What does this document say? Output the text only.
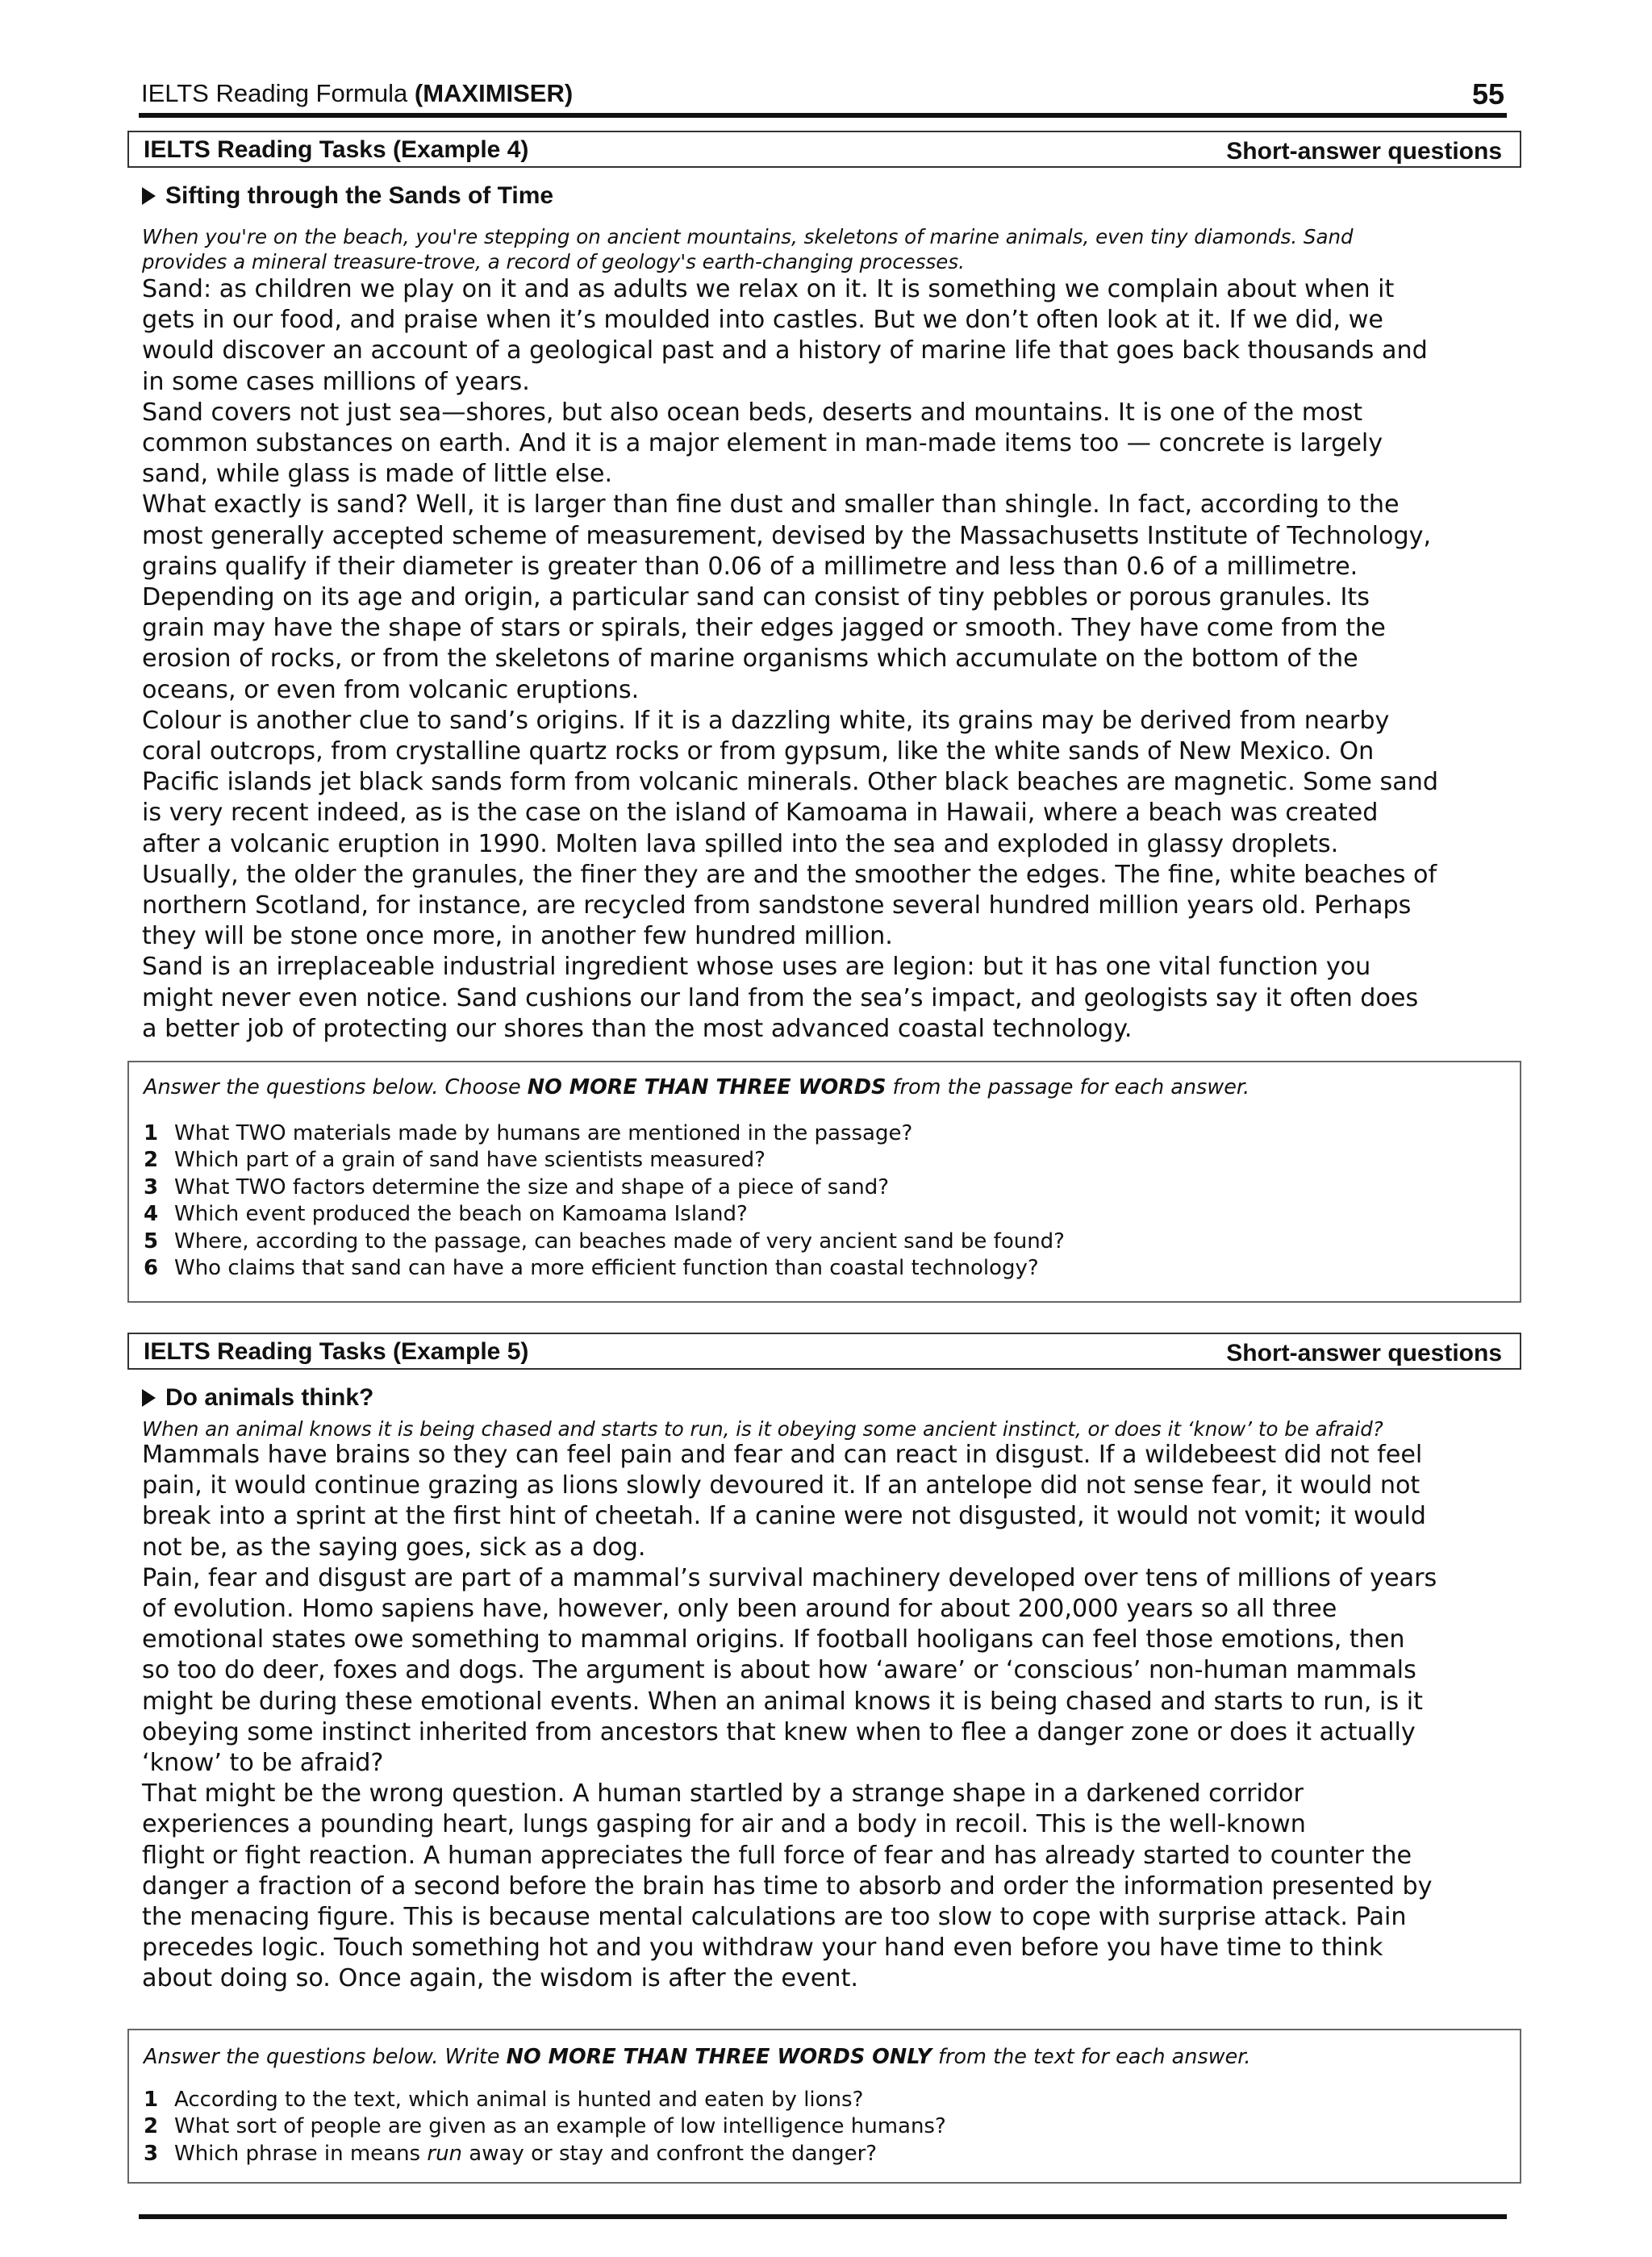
IELTS Reading Formula (MAXIMISER)	55
IELTS Reading Tasks (Example 4)	Short-answer questions
Sifting through the Sands of Time
When you're on the beach, you're stepping on ancient mountains, skeletons of marine animals, even tiny diamonds. Sand
provides a mineral treasure-trove, a record of geology's earth-changing processes.

Sand: as children we play on it and as adults we relax on it. It is something we complain about when it
gets in our food, and praise when it’s moulded into castles. But we don’t often look at it. If we did, we
would discover an account of a geological past and a history of marine life that goes back thousands and
in some cases millions of years.

Sand covers not just sea—shores, but also ocean beds, deserts and mountains. It is one of the most
common substances on earth. And it is a major element in man-made items too — concrete is largely
sand, while glass is made of little else.

What exactly is sand? Well, it is larger than fine dust and smaller than shingle. In fact, according to the
most generally accepted scheme of measurement, devised by the Massachusetts Institute of Technology,
grains qualify if their diameter is greater than 0.06 of a millimetre and less than 0.6 of a millimetre.
Depending on its age and origin, a particular sand can consist of tiny pebbles or porous granules. Its
grain may have the shape of stars or spirals, their edges jagged or smooth. They have come from the
erosion of rocks, or from the skeletons of marine organisms which accumulate on the bottom of the
oceans, or even from volcanic eruptions.

Colour is another clue to sand’s origins. If it is a dazzling white, its grains may be derived from nearby
coral outcrops, from crystalline quartz rocks or from gypsum, like the white sands of New Mexico. On
Pacific islands jet black sands form from volcanic minerals. Other black beaches are magnetic. Some sand
is very recent indeed, as is the case on the island of Kamoama in Hawaii, where a beach was created
after a volcanic eruption in 1990. Molten lava spilled into the sea and exploded in glassy droplets.
Usually, the older the granules, the finer they are and the smoother the edges. The fine, white beaches of
northern Scotland, for instance, are recycled from sandstone several hundred million years old. Perhaps
they will be stone once more, in another few hundred million.

Sand is an irreplaceable industrial ingredient whose uses are legion: but it has one vital function you
might never even notice. Sand cushions our land from the sea’s impact, and geologists say it often does
a better job of protecting our shores than the most advanced coastal technology.

Answer the questions below. Choose NO MORE THAN THREE WORDS from the passage for each answer.
1 What TWO materials made by humans are mentioned in the passage?
2 Which part of a grain of sand have scientists measured?
3 What TWO factors determine the size and shape of a piece of sand?
4 Which event produced the beach on Kamoama Island?
5 Where, according to the passage, can beaches made of very ancient sand be found?
6 Who claims that sand can have a more efficient function than coastal technology?
IELTS Reading Tasks (Example 5)	Short-answer questions
Do animals think?
When an animal knows it is being chased and starts to run, is it obeying some ancient instinct, or does it ‘know’ to be afraid?

Mammals have brains so they can feel pain and fear and can react in disgust. If a wildebeest did not feel
pain, it would continue grazing as lions slowly devoured it. If an antelope did not sense fear, it would not
break into a sprint at the first hint of cheetah. If a canine were not disgusted, it would not vomit; it would
not be, as the saying goes, sick as a dog.

Pain, fear and disgust are part of a mammal’s survival machinery developed over tens of millions of years
of evolution. Homo sapiens have, however, only been around for about 200,000 years so all three
emotional states owe something to mammal origins. If football hooligans can feel those emotions, then
so too do deer, foxes and dogs. The argument is about how ‘aware’ or ‘conscious’ non-human mammals
might be during these emotional events. When an animal knows it is being chased and starts to run, is it
obeying some instinct inherited from ancestors that knew when to flee a danger zone or does it actually
‘know’ to be afraid?

That might be the wrong question. A human startled by a strange shape in a darkened corridor
experiences a pounding heart, lungs gasping for air and a body in recoil. This is the well-known
flight or fight reaction. A human appreciates the full force of fear and has already started to counter the
danger a fraction of a second before the brain has time to absorb and order the information presented by
the menacing figure. This is because mental calculations are too slow to cope with surprise attack. Pain
precedes logic. Touch something hot and you withdraw your hand even before you have time to think
about doing so. Once again, the wisdom is after the event.

Answer the questions below. Write NO MORE THAN THREE WORDS ONLY from the text for each answer.
1 According to the text, which animal is hunted and eaten by lions?
2 What sort of people are given as an example of low intelligence humans?
3 Which phrase in means run away or stay and confront the danger?
